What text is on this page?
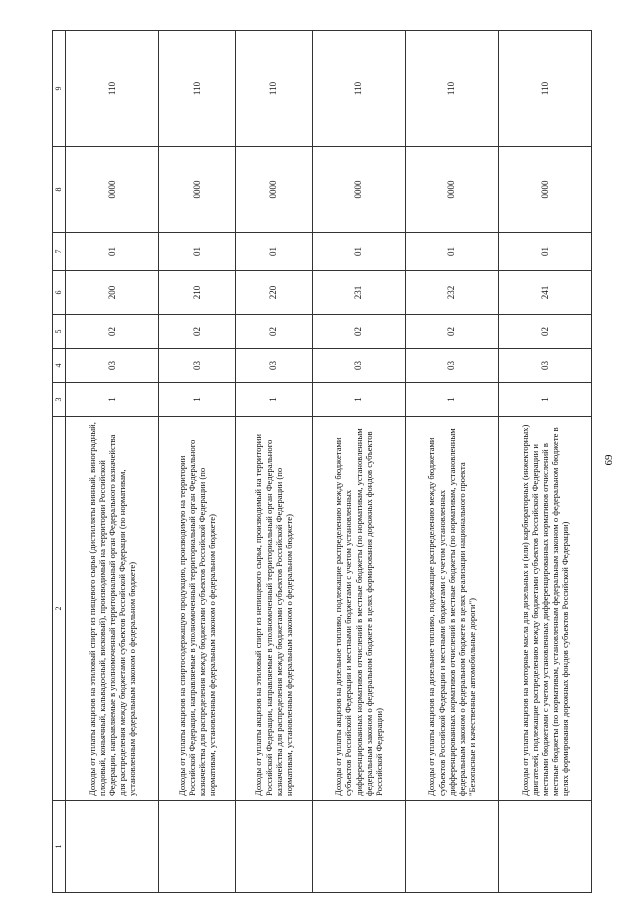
1	2	3	4	5	6	7	8	9
	Доходы от уплаты акцизов на этиловый спирт из пищевого сырья (дистилляты винный, виноградный, плодовый, коньячный, кальвадосный, висковый), производимый на территории Российской Федерации, направляемые в уполномоченный территориальный орган Федерального казначейства для распределения между бюджетами субъектов Российской Федерации (по нормативам, установленным федеральным законом о федеральном бюджете)	1	03	02	200	01	0000	110
	Доходы от уплаты акцизов на спиртосодержащую продукцию, производимую на территории Российской Федерации, направляемые в уполномоченный территориальный орган Федерального казначейства для распределения между бюджетами субъектов Российской Федерации (по нормативам, установленным федеральным законом о федеральном бюджете)	1	03	02	210	01	0000	110
	Доходы от уплаты акцизов на этиловый спирт из непищевого сырья, производимый на территории Российской Федерации, направляемые в уполномоченный территориальный орган Федерального казначейства для распределения между бюджетами субъектов Российской Федерации (по нормативам, установленным федеральным законом о федеральном бюджете)	1	03	02	220	01	0000	110
	Доходы от уплаты акцизов на дизельное топливо, подлежащие распределению между бюджетами субъектов Российской Федерации и местными бюджетами с учетом установленных дифференцированных нормативов отчислений в местные бюджеты (по нормативам, установленным федеральным законом о федеральном бюджете в целях формирования дорожных фондов субъектов Российской Федерации)	1	03	02	231	01	0000	110
	Доходы от уплаты акцизов на дизельное топливо, подлежащие распределению между бюджетами субъектов Российской Федерации и местными бюджетами с учетом установленных дифференцированных нормативов отчислений в местные бюджеты (по нормативам, установленным федеральным законом о федеральном бюджете в целях реализации национального проекта "Безопасные и качественные автомобильные дороги")	1	03	02	232	01	0000	110
	Доходы от уплаты акцизов на моторные масла для дизельных и (или) карбюраторных (инжекторных) двигателей, подлежащие распределению между бюджетами субъектов Российской Федерации и местными бюджетами с учетом установленных дифференцированных нормативов отчислений в местные бюджеты (по нормативам, установленным федеральным законом о федеральном бюджете в целях формирования дорожных фондов субъектов Российской Федерации)	1	03	02	241	01	0000	110
69
